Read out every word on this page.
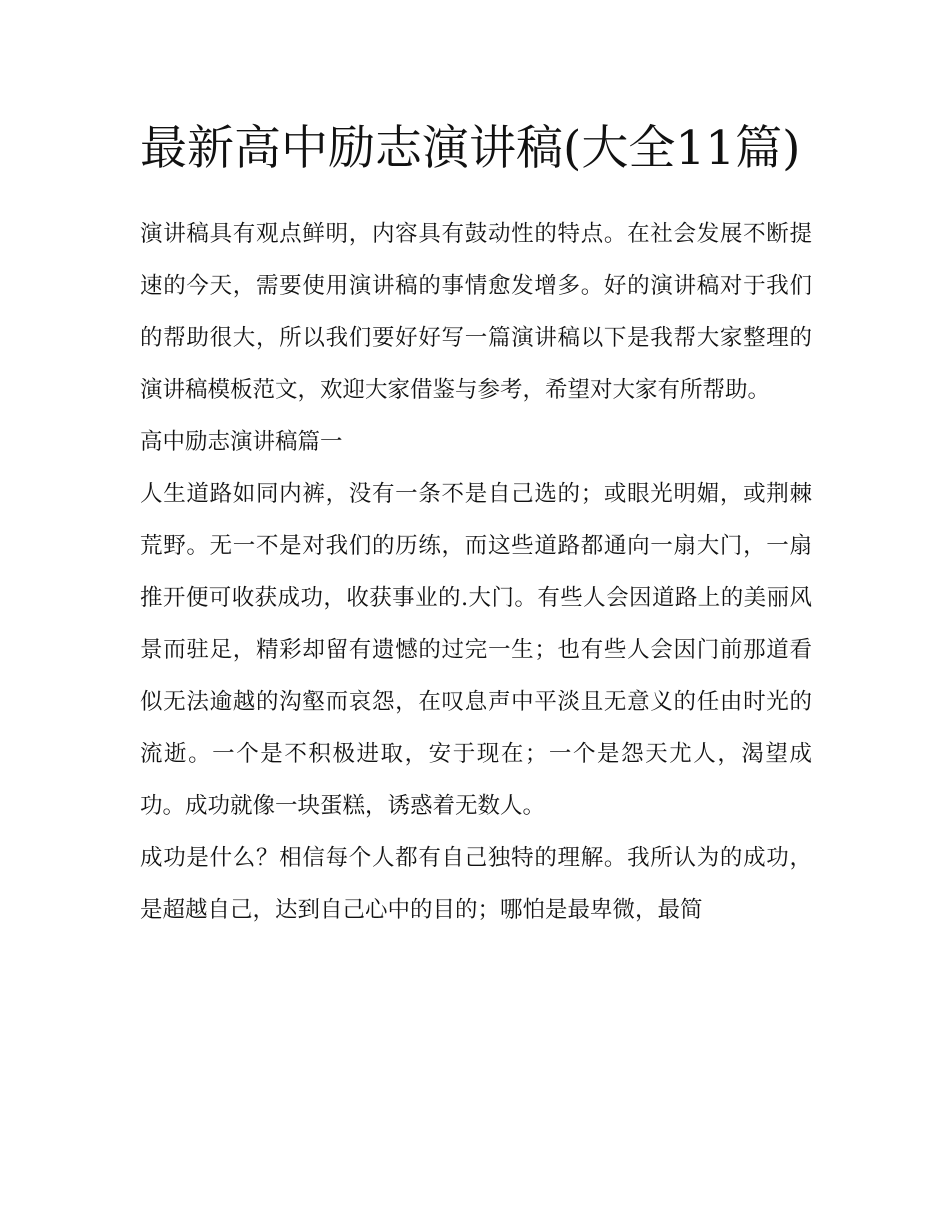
最新高中励志演讲稿(大全11篇)

演讲稿具有观点鲜明，内容具有鼓动性的特点。在社会发展不断提速的今天，需要使用演讲稿的事情愈发增多。好的演讲稿对于我们的帮助很大，所以我们要好好写一篇演讲稿以下是我帮大家整理的演讲稿模板范文，欢迎大家借鉴与参考，希望对大家有所帮助。

高中励志演讲稿篇一

人生道路如同内裤，没有一条不是自己选的；或眼光明媚，或荆棘荒野。无一不是对我们的历练，而这些道路都通向一扇大门，一扇推开便可收获成功，收获事业的.大门。有些人会因道路上的美丽风景而驻足，精彩却留有遗憾的过完一生；也有些人会因门前那道看似无法逾越的沟壑而哀怨，在叹息声中平淡且无意义的任由时光的流逝。一个是不积极进取，安于现在；一个是怨天尤人，渴望成功。成功就像一块蛋糕，诱惑着无数人。

成功是什么？相信每个人都有自己独特的理解。我所认为的成功，是超越自己，达到自己心中的目的；哪怕是最卑微，最简
